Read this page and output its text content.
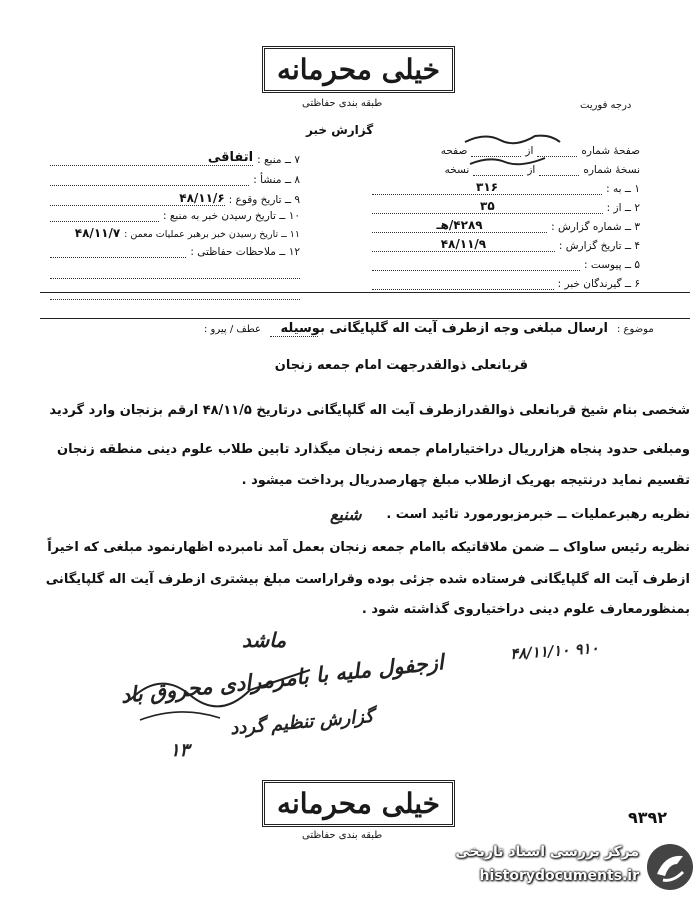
خیلی محرمانه
طبقه بندی حفاظتی	درجه فوریت
گزارش خبر
۷ ــ منبع :
اتفاقی
۸ ــ منشأ :
۹ ــ تاریخ وقوع :
۴۸/۱۱/۶
۱۰ ــ تاریخ رسیدن خبر به منبع :
۱۱ ــ تاریخ رسیدن خبر برهبر عملیات معمن :
۴۸/۱۱/۷
۱۲ ــ ملاحظات حفاظتی :
صفحهٔ شماره
از
صفحه
نسخهٔ شماره
از
نسخه
۱ ــ به :
۳۱۶
۲ ــ از :
۳۵
۳ ــ شماره گزارش :
۴۲۸۹/هـ
۴ ــ تاریخ گزارش :
۴۸/۱۱/۹
۵ ــ پیوست :
۶ ــ گیرندگان خبر :
موضوع :
ارسال مبلغی وجه ازطرف آیت اله گلپایگانی بوسیله
عطف / پیرو :
قربانعلی ذوالقدرجهت امام جمعه زنجان
شخصی بنام شیخ قربانعلی ذوالقدرازطرف آیت اله گلپایگانی درتاریخ ۴۸/۱۱/۵ ارقم بزنجان وارد گردید
ومبلغی حدود پنجاه هزارریال دراختیارامام جمعه زنجان میگذارد تابین طلاب علوم دینی منطقه زنجان
تقسیم نماید درنتیجه بهریک ازطلاب مبلغ چهارصدریال پرداخت میشود .
نظریه رهبرعملیات ــ خبرمزبورمورد تائید است .
شنیع
نظریه رئیس ساواک ــ ضمن ملاقاتیکه باامام جمعه زنجان بعمل آمد نامبرده اظهارنمود مبلغی که اخیراً
ازطرف آیت اله گلپایگانی فرستاده شده جزئی بوده وقراراست مبلغ بیشتری ازطرف آیت اله گلپایگانی
بمنظورمعارف علوم دینی دراختیاروی گذاشته شود .
ماشد
ازجفول ملیه با بامرمرادی محروق باد
گزارش تنظیم گردد
۱۳
۴۸/۱۱/۱۰ ۹۱۰
خیلی محرمانه
طبقه بندی حفاظتی
۹۳۹۲
مرکز بررسی اسناد تاریخی
historydocuments.ir
